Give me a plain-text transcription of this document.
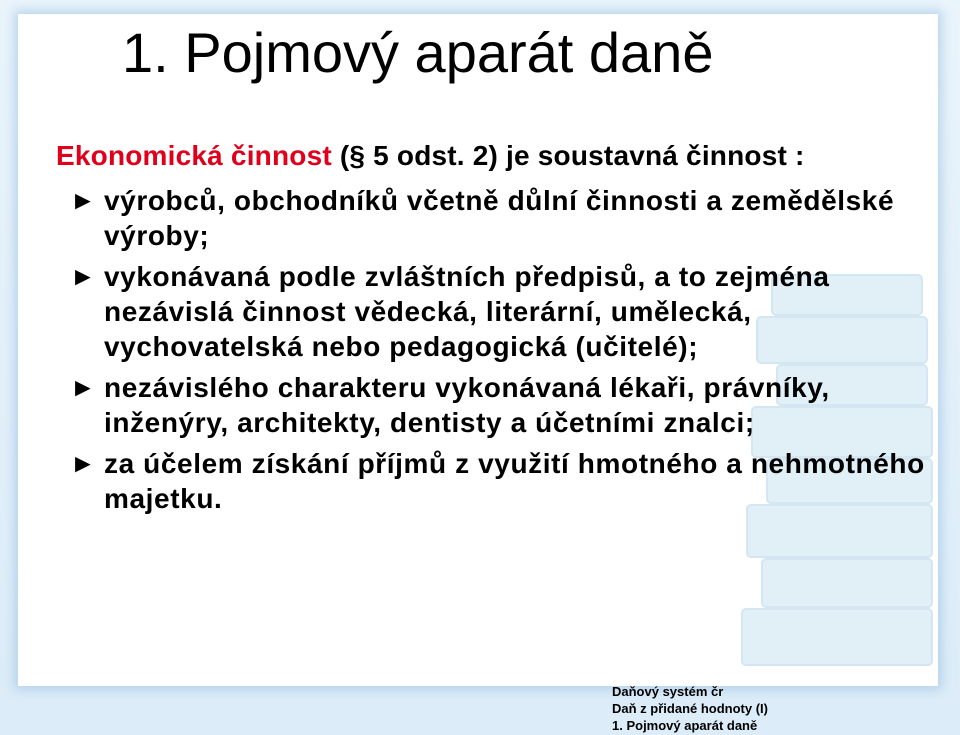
1. Pojmový aparát daně

Ekonomická činnost (§ 5 odst. 2) je soustavná činnost :

► výrobců, obchodníků včetně důlní činnosti a zemědělské výroby;
► vykonávaná podle zvláštních předpisů, a to zejména nezávislá činnost vědecká, literární, umělecká, vychovatelská nebo pedagogická (učitelé);
► nezávislého charakteru vykonávaná lékaři, právníky, inženýry, architekty, dentisty a účetními znalci;
► za účelem získání příjmů z využití hmotného a nehmotného majetku.
Daňový systém čr
Daň z přidané hodnoty (I)
1. Pojmový aparát daně
